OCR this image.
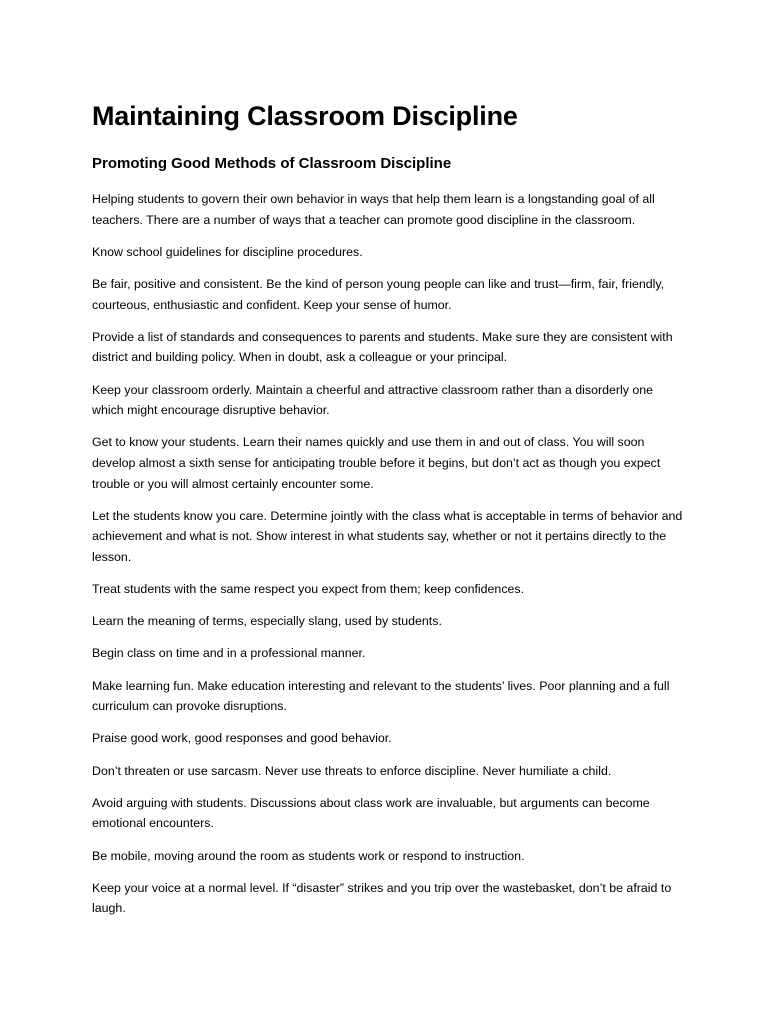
Maintaining Classroom Discipline
Promoting Good Methods of Classroom Discipline

Helping students to govern their own behavior in ways that help them learn is a longstanding goal of all teachers. There are a number of ways that a teacher can promote good discipline in the classroom.

Know school guidelines for discipline procedures.

Be fair, positive and consistent. Be the kind of person young people can like and trust—firm, fair, friendly, courteous, enthusiastic and confident. Keep your sense of humor.

Provide a list of standards and consequences to parents and students. Make sure they are consistent with district and building policy. When in doubt, ask a colleague or your principal.

Keep your classroom orderly. Maintain a cheerful and attractive classroom rather than a disorderly one which might encourage disruptive behavior.

Get to know your students. Learn their names quickly and use them in and out of class. You will soon develop almost a sixth sense for anticipating trouble before it begins, but don’t act as though you expect trouble or you will almost certainly encounter some.

Let the students know you care. Determine jointly with the class what is acceptable in terms of behavior and achievement and what is not. Show interest in what students say, whether or not it pertains directly to the lesson.

Treat students with the same respect you expect from them; keep confidences.

Learn the meaning of terms, especially slang, used by students.

Begin class on time and in a professional manner.

Make learning fun. Make education interesting and relevant to the students’ lives. Poor planning and a full curriculum can provoke disruptions.

Praise good work, good responses and good behavior.

Don’t threaten or use sarcasm. Never use threats to enforce discipline. Never humiliate a child.

Avoid arguing with students. Discussions about class work are invaluable, but arguments can become emotional encounters.

Be mobile, moving around the room as students work or respond to instruction.

Keep your voice at a normal level. If “disaster” strikes and you trip over the wastebasket, don’t be afraid to laugh.
